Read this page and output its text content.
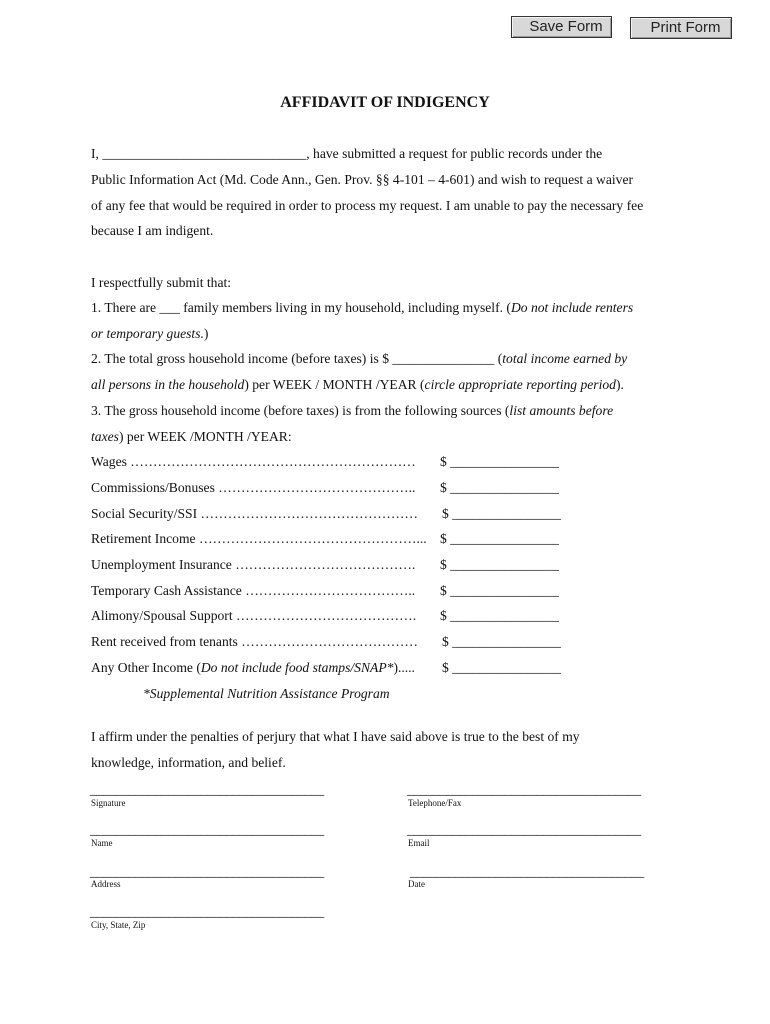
Save Form	Print Form
AFFIDAVIT OF INDIGENCY
I, ______________________________, have submitted a request for public records under the
Public Information Act (Md. Code Ann., Gen. Prov. §§ 4-101 – 4-601) and wish to request a waiver
of any fee that would be required in order to process my request. I am unable to pay the necessary fee
because I am indigent.
I respectfully submit that:
1. There are ___ family members living in my household, including myself. (Do not include renters
or temporary guests.)
2. The total gross household income (before taxes) is $ _______________ (total income earned by
all persons in the household) per WEEK / MONTH /YEAR (circle appropriate reporting period).
3. The gross household income (before taxes) is from the following sources (list amounts before
taxes) per WEEK /MONTH /YEAR:
Wages ……………………………………………………… $ ________________
Commissions/Bonuses …………………………………….. $ ________________
Social Security/SSI ………………………………………… $ ________________
Retirement Income …………………………………………... $ ________________
Unemployment Insurance …………………………………. $ ________________
Temporary Cash Assistance ……………………………….. $ ________________
Alimony/Spousal Support …………………………………. $ ________________
Rent received from tenants ………………………………… $ ________________
Any Other Income (Do not include food stamps/SNAP*)..... $ ________________
*Supplemental Nutrition Assistance Program
I affirm under the penalties of perjury that what I have said above is true to the best of my
knowledge, information, and belief.
____________________________________
Signature
____________________________________
Telephone/Fax
____________________________________
Name
____________________________________
Email
____________________________________
Address
____________________________________
Date
____________________________________
City, State, Zip
